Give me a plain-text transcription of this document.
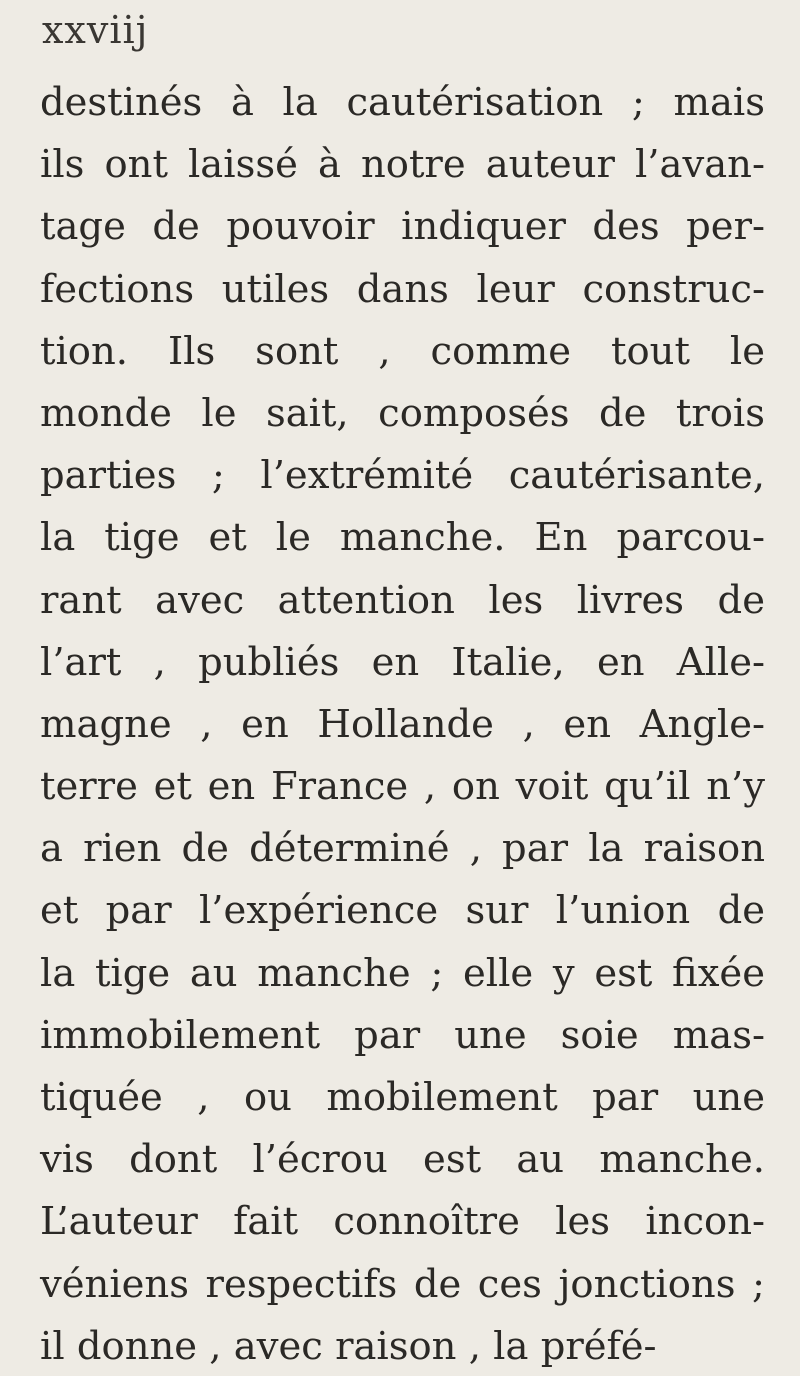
xxviij
destinés à la cautérisation ; mais
ils ont laissé à notre auteur l’avan-
tage de pouvoir indiquer des per-
fections utiles dans leur construc-
tion. Ils sont , comme tout le
monde le sait, composés de trois
parties ; l’extrémité cautérisante,
la tige et le manche. En parcou-
rant avec attention les livres de
l’art , publiés en Italie, en Alle-
magne , en Hollande , en Angle-
terre et en France , on voit qu’il n’y
a rien de déterminé , par la raison
et par l’expérience sur l’union de
la tige au manche ; elle y est fixée
immobilement par une soie mas-
tiquée , ou mobilement par une
vis dont l’écrou est au manche.
L’auteur fait connoître les incon-
véniens respectifs de ces jonctions ;
il donne , avec raison , la préfé-
